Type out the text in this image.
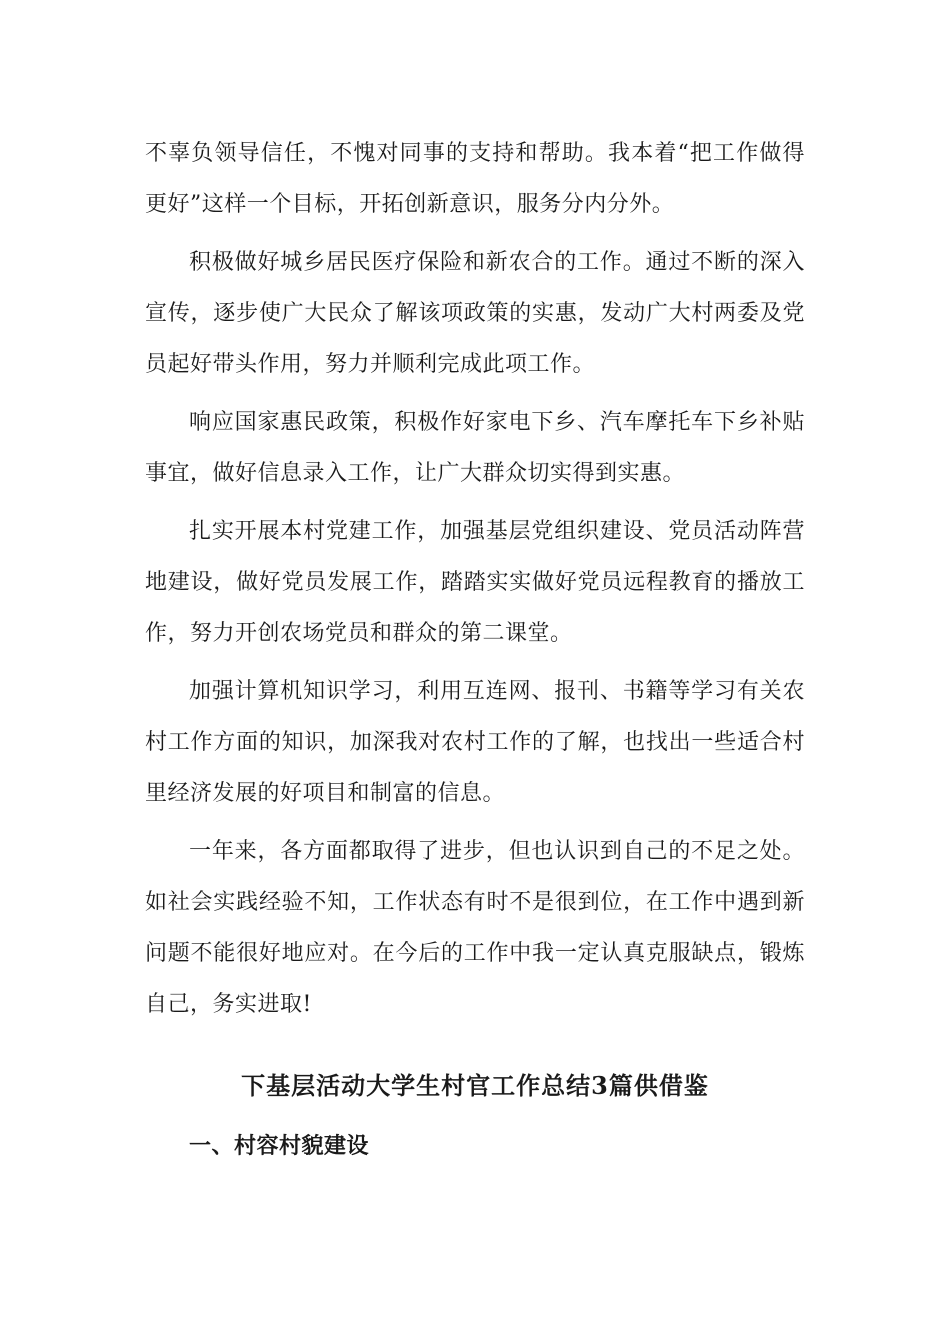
不辜负领导信任，不愧对同事的支持和帮助。我本着“把工作做得更好”这样一个目标，开拓创新意识，服务分内分外。

积极做好城乡居民医疗保险和新农合的工作。通过不断的深入宣传，逐步使广大民众了解该项政策的实惠，发动广大村两委及党员起好带头作用，努力并顺利完成此项工作。

响应国家惠民政策，积极作好家电下乡、汽车摩托车下乡补贴事宜，做好信息录入工作，让广大群众切实得到实惠。

扎实开展本村党建工作，加强基层党组织建设、党员活动阵营地建设，做好党员发展工作，踏踏实实做好党员远程教育的播放工作，努力开创农场党员和群众的第二课堂。

加强计算机知识学习，利用互连网、报刊、书籍等学习有关农村工作方面的知识，加深我对农村工作的了解，也找出一些适合村里经济发展的好项目和制富的信息。

一年来，各方面都取得了进步，但也认识到自己的不足之处。如社会实践经验不知，工作状态有时不是很到位，在工作中遇到新问题不能很好地应对。在今后的工作中我一定认真克服缺点，锻炼自己，务实进取!

下基层活动大学生村官工作总结3篇供借鉴
一、村容村貌建设
